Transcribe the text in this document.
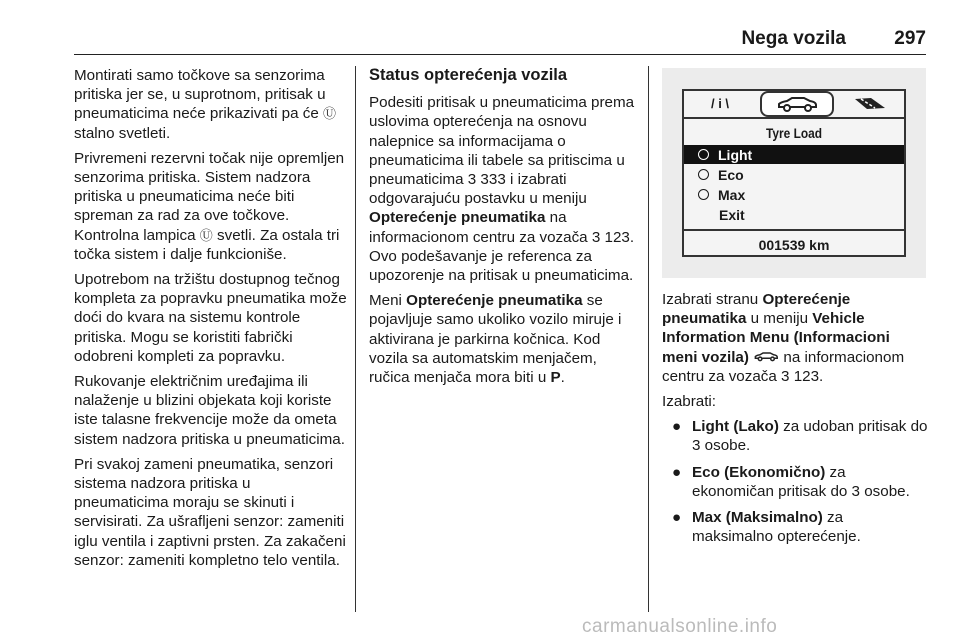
Nega vozila	297

Montirati samo točkove sa senzorima pritiska jer se, u suprotnom, pritisak u pneumaticima neće prikazivati pa će Ⓤ stalno svetleti.

Privremeni rezervni točak nije opremljen senzorima pritiska. Sistem nadzora pritiska u pneumaticima neće biti spreman za rad za ove točkove. Kontrolna lampica Ⓤ svetli. Za ostala tri točka sistem i dalje funkcioniše.

Upotrebom na tržištu dostupnog tečnog kompleta za popravku pneumatika može doći do kvara na sistemu kontrole pritiska. Mogu se koristiti fabrički odobreni kompleti za popravku.

Rukovanje električnim uređajima ili nalaženje u blizini objekata koji koriste iste talasne frekvencije može da ometa sistem nadzora pritiska u pneumaticima.

Pri svakoj zameni pneumatika, senzori sistema nadzora pritiska u pneumaticima moraju se skinuti i servisirati. Za ušrafljeni senzor: zameniti iglu ventila i zaptivni prsten. Za zakačeni senzor: zameniti kompletno telo ventila.

Status opterećenja vozila

Podesiti pritisak u pneumaticima prema uslovima opterećenja na osnovu nalepnice sa informacijama o pneumaticima ili tabele sa pritiscima u pneumaticima 3 333 i izabrati odgovarajuću postavku u meniju Opterećenje pneumatika na informacionom centru za vozača 3 123. Ovo podešavanje je referenca za upozorenje na pritisak u pneumaticima.

Meni Opterećenje pneumatika se pojavljuje samo ukoliko vozilo miruje i aktivirana je parkirna kočnica. Kod vozila sa automatskim menjačem, ručica menjača mora biti u P.

/ i \
Tyre Load
Light
Eco
Max
Exit
001539 km

Izabrati stranu Opterećenje pneumatika u meniju Vehicle Information Menu (Informacioni meni vozila)  na informacionom centru za vozača 3 123.

Izabrati:

● Light (Lako) za udoban pritisak do 3 osobe.
● Eco (Ekonomično) za ekonomičan pritisak do 3 osobe.
● Max (Maksimalno) za maksimalno opterećenje.
carmanualsonline.info
